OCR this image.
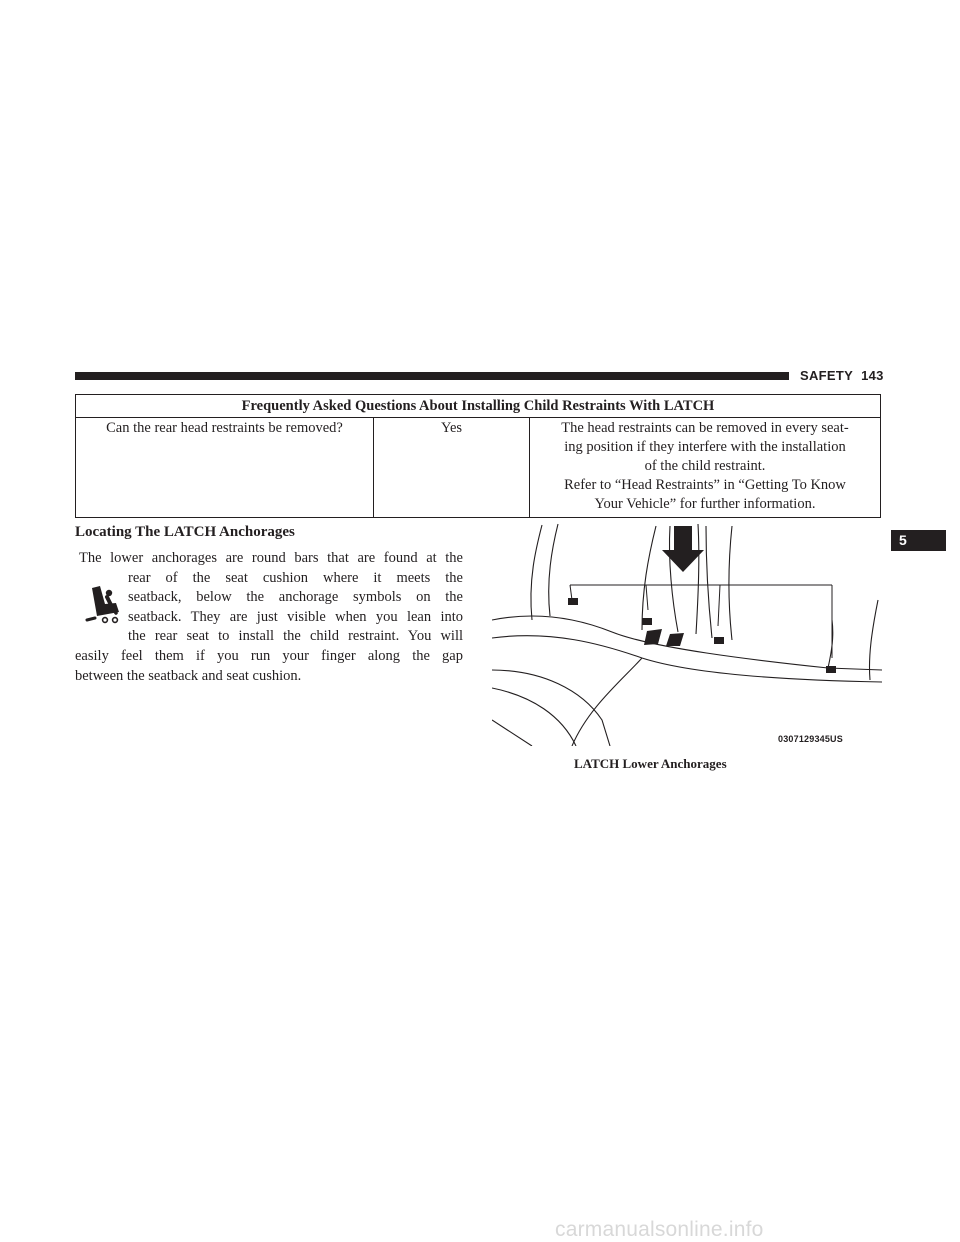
SAFETY 143
Frequently Asked Questions About Installing Child Restraints With LATCH
Can the rear head restraints be removed?	Yes	The head restraints can be removed in every seat-
ing position if they interfere with the installation
of the child restraint.
Refer to “Head Restraints” in “Getting To Know
Your Vehicle” for further information.
Locating The LATCH Anchorages
The lower anchorages are round bars that are found at the
rear of the seat cushion where it meets the
seatback, below the anchorage symbols on the
seatback. They are just visible when you lean into
the rear seat to install the child restraint. You will
easily feel them if you run your finger along the gap
between the seatback and seat cushion.
0307129345US
LATCH Lower Anchorages
5
carmanualsonline.info
